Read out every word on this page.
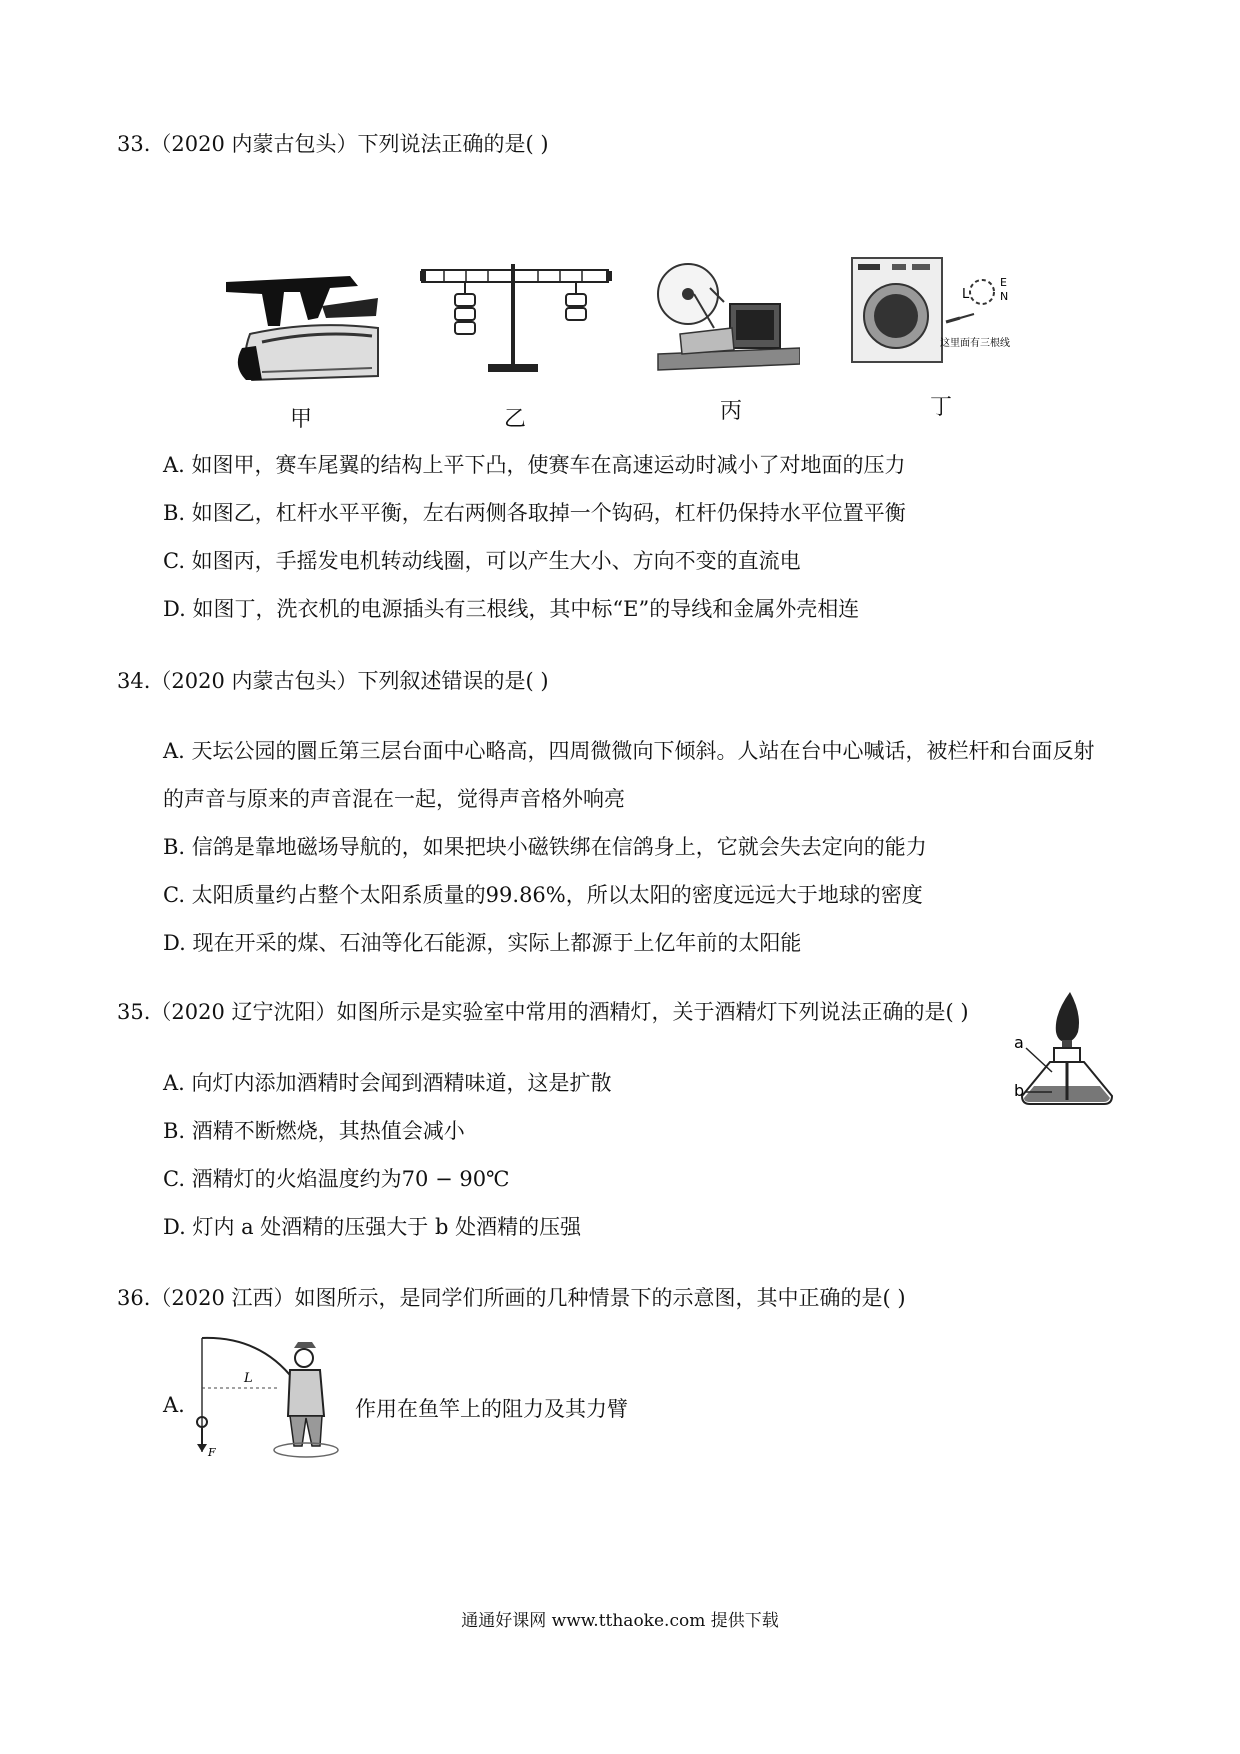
33.（2020 内蒙古包头）下列说法正确的是( )
甲	乙	丙
L
E
N
这里面有三根线
丁
A. 如图甲，赛车尾翼的结构上平下凸，使赛车在高速运动时减小了对地面的压力
B. 如图乙，杠杆水平平衡，左右两侧各取掉一个钩码，杠杆仍保持水平位置平衡
C. 如图丙，手摇发电机转动线圈，可以产生大小、方向不变的直流电
D. 如图丁，洗衣机的电源插头有三根线，其中标“E”的导线和金属外壳相连
34.（2020 内蒙古包头）下列叙述错误的是( )
A. 天坛公园的圜丘第三层台面中心略高，四周微微向下倾斜。人站在台中心喊话，被栏杆和台面反射
的声音与原来的声音混在一起，觉得声音格外响亮
B. 信鸽是靠地磁场导航的，如果把块小磁铁绑在信鸽身上，它就会失去定向的能力
C. 太阳质量约占整个太阳系质量的99.86%，所以太阳的密度远远大于地球的密度
D. 现在开采的煤、石油等化石能源，实际上都源于上亿年前的太阳能
35.（2020 辽宁沈阳）如图所示是实验室中常用的酒精灯，关于酒精灯下列说法正确的是( )
a
b
A. 向灯内添加酒精时会闻到酒精味道，这是扩散
B. 酒精不断燃烧，其热值会减小
C. 酒精灯的火焰温度约为70 − 90℃
D. 灯内 a 处酒精的压强大于 b 处酒精的压强
36.（2020 江西）如图所示，是同学们所画的几种情景下的示意图，其中正确的是( )
A.
L
F
作用在鱼竿上的阻力及其力臂
通通好课网 www.tthaoke.com 提供下载
